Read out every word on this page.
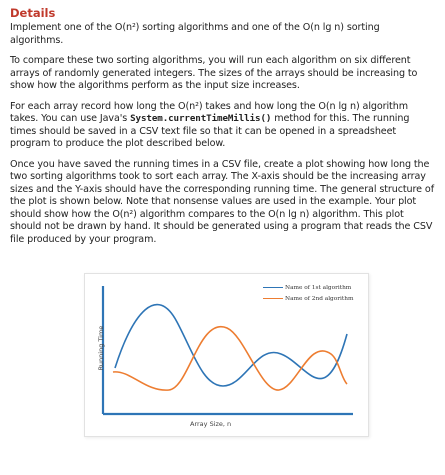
Details

Implement one of the O(n²) sorting algorithms and one of the O(n lg n) sorting algorithms.

To compare these two sorting algorithms, you will run each algorithm on six different arrays of randomly generated integers. The sizes of the arrays should be increasing to show how the algorithms perform as the input size increases.

For each array record how long the O(n²) takes and how long the O(n lg n) algorithm takes. You can use Java's System.currentTimeMillis() method for this. The running times should be saved in a CSV text file so that it can be opened in a spreadsheet program to produce the plot described below.

Once you have saved the running times in a CSV file, create a plot showing how long the two sorting algorithms took to sort each array. The X-axis should be the increasing array sizes and the Y-axis should have the corresponding running time. The general structure of the plot is shown below. Note that nonsense values are used in the example. Your plot should show how the O(n²) algorithm compares to the O(n lg n) algorithm. This plot should not be drawn by hand. It should be generated using a program that reads the CSV file produced by your program.

Running Time
Array Size, n
Name of 1st algorithm
Name of 2nd algorithm
